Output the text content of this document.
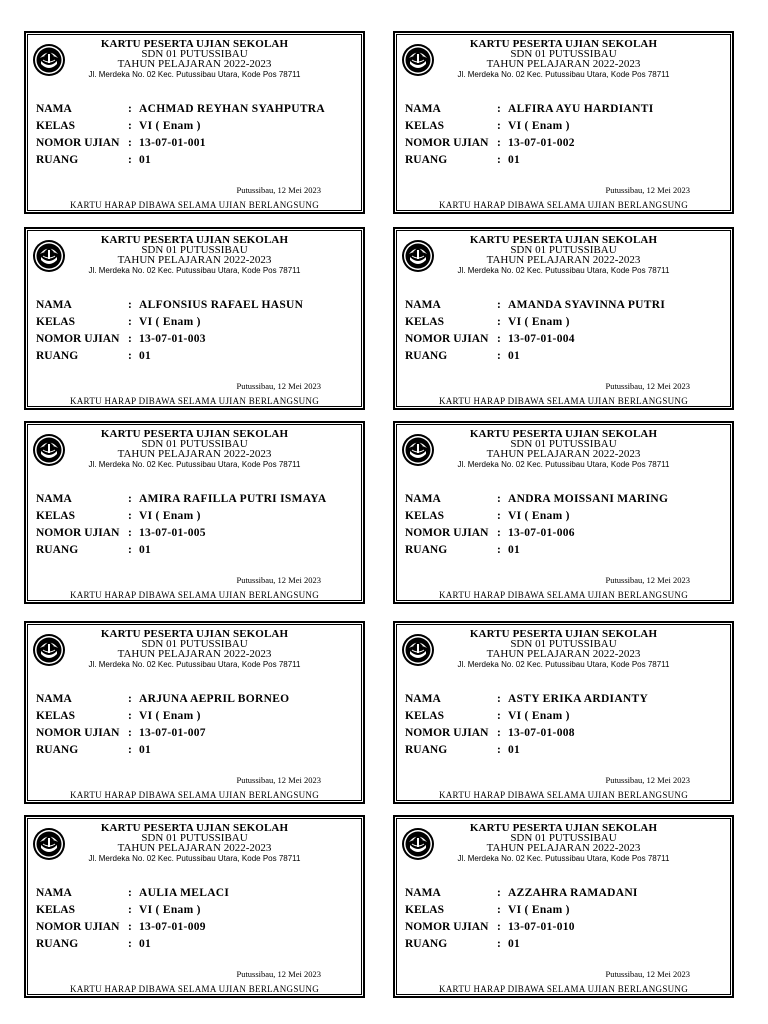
KARTU PESERTA UJIAN SEKOLAH
SDN 01 PUTUSSIBAU
TAHUN PELAJARAN 2022-2023
Jl. Merdeka No. 02 Kec. Putussibau Utara, Kode Pos 78711
NAMA	: ACHMAD REYHAN SYAHPUTRA
KELAS	: VI ( Enam )
NOMOR UJIAN : 13-07-01-001
RUANG	: 01
Putussibau, 12 Mei 2023
KARTU HARAP DIBAWA SELAMA UJIAN BERLANGSUNG
KARTU PESERTA UJIAN SEKOLAH
SDN 01 PUTUSSIBAU
TAHUN PELAJARAN 2022-2023
Jl. Merdeka No. 02 Kec. Putussibau Utara, Kode Pos 78711
NAMA	: ALFIRA AYU HARDIANTI
KELAS	: VI ( Enam )
NOMOR UJIAN : 13-07-01-002
RUANG	: 01
Putussibau, 12 Mei 2023
KARTU HARAP DIBAWA SELAMA UJIAN BERLANGSUNG
KARTU PESERTA UJIAN SEKOLAH
SDN 01 PUTUSSIBAU
TAHUN PELAJARAN 2022-2023
Jl. Merdeka No. 02 Kec. Putussibau Utara, Kode Pos 78711
NAMA	: ALFONSIUS RAFAEL HASUN
KELAS	: VI ( Enam )
NOMOR UJIAN : 13-07-01-003
RUANG	: 01
Putussibau, 12 Mei 2023
KARTU HARAP DIBAWA SELAMA UJIAN BERLANGSUNG
KARTU PESERTA UJIAN SEKOLAH
SDN 01 PUTUSSIBAU
TAHUN PELAJARAN 2022-2023
Jl. Merdeka No. 02 Kec. Putussibau Utara, Kode Pos 78711
NAMA	: AMANDA SYAVINNA PUTRI
KELAS	: VI ( Enam )
NOMOR UJIAN : 13-07-01-004
RUANG	: 01
Putussibau, 12 Mei 2023
KARTU HARAP DIBAWA SELAMA UJIAN BERLANGSUNG
KARTU PESERTA UJIAN SEKOLAH
SDN 01 PUTUSSIBAU
TAHUN PELAJARAN 2022-2023
Jl. Merdeka No. 02 Kec. Putussibau Utara, Kode Pos 78711
NAMA	: AMIRA RAFILLA PUTRI ISMAYA
KELAS	: VI ( Enam )
NOMOR UJIAN : 13-07-01-005
RUANG	: 01
Putussibau, 12 Mei 2023
KARTU HARAP DIBAWA SELAMA UJIAN BERLANGSUNG
KARTU PESERTA UJIAN SEKOLAH
SDN 01 PUTUSSIBAU
TAHUN PELAJARAN 2022-2023
Jl. Merdeka No. 02 Kec. Putussibau Utara, Kode Pos 78711
NAMA	: ANDRA MOISSANI MARING
KELAS	: VI ( Enam )
NOMOR UJIAN : 13-07-01-006
RUANG	: 01
Putussibau, 12 Mei 2023
KARTU HARAP DIBAWA SELAMA UJIAN BERLANGSUNG
KARTU PESERTA UJIAN SEKOLAH
SDN 01 PUTUSSIBAU
TAHUN PELAJARAN 2022-2023
Jl. Merdeka No. 02 Kec. Putussibau Utara, Kode Pos 78711
NAMA	: ARJUNA AEPRIL BORNEO
KELAS	: VI ( Enam )
NOMOR UJIAN : 13-07-01-007
RUANG	: 01
Putussibau, 12 Mei 2023
KARTU HARAP DIBAWA SELAMA UJIAN BERLANGSUNG
KARTU PESERTA UJIAN SEKOLAH
SDN 01 PUTUSSIBAU
TAHUN PELAJARAN 2022-2023
Jl. Merdeka No. 02 Kec. Putussibau Utara, Kode Pos 78711
NAMA	: ASTY ERIKA ARDIANTY
KELAS	: VI ( Enam )
NOMOR UJIAN : 13-07-01-008
RUANG	: 01
Putussibau, 12 Mei 2023
KARTU HARAP DIBAWA SELAMA UJIAN BERLANGSUNG
KARTU PESERTA UJIAN SEKOLAH
SDN 01 PUTUSSIBAU
TAHUN PELAJARAN 2022-2023
Jl. Merdeka No. 02 Kec. Putussibau Utara, Kode Pos 78711
NAMA	: AULIA MELACI
KELAS	: VI ( Enam )
NOMOR UJIAN : 13-07-01-009
RUANG	: 01
Putussibau, 12 Mei 2023
KARTU HARAP DIBAWA SELAMA UJIAN BERLANGSUNG
KARTU PESERTA UJIAN SEKOLAH
SDN 01 PUTUSSIBAU
TAHUN PELAJARAN 2022-2023
Jl. Merdeka No. 02 Kec. Putussibau Utara, Kode Pos 78711
NAMA	: AZZAHRA RAMADANI
KELAS	: VI ( Enam )
NOMOR UJIAN : 13-07-01-010
RUANG	: 01
Putussibau, 12 Mei 2023
KARTU HARAP DIBAWA SELAMA UJIAN BERLANGSUNG
